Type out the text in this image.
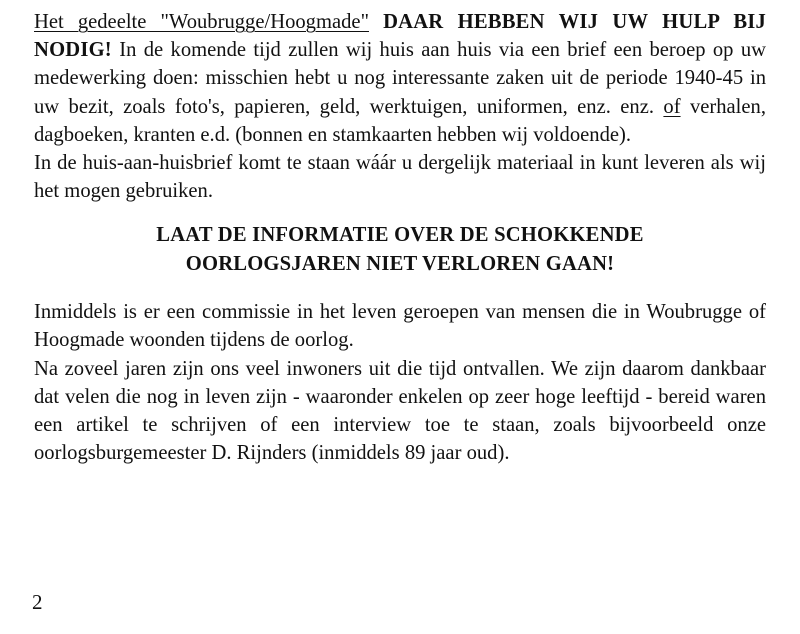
Het gedeelte "Woubrugge/Hoogmade" DAAR HEBBEN WIJ UW HULP BIJ NODIG! In de komende tijd zullen wij huis aan huis via een brief een beroep op uw medewerking doen: misschien hebt u nog interessante zaken uit de periode 1940-45 in uw bezit, zoals foto's, papieren, geld, werktuigen, uniformen, enz. enz. of verhalen, dagboeken, kranten e.d. (bonnen en stamkaarten hebben wij voldoende).

In de huis-aan-huisbrief komt te staan wáár u dergelijk materiaal in kunt leveren als wij het mogen gebruiken.

LAAT DE INFORMATIE OVER DE SCHOKKENDE
OORLOGSJAREN NIET VERLOREN GAAN!

Inmiddels is er een commissie in het leven geroepen van mensen die in Woubrugge of Hoogmade woonden tijdens de oorlog.

Na zoveel jaren zijn ons veel inwoners uit die tijd ontvallen. We zijn daarom dankbaar dat velen die nog in leven zijn - waaronder enkelen op zeer hoge leeftijd - bereid waren een artikel te schrijven of een interview toe te staan, zoals bijvoorbeeld onze oorlogsburgemeester D. Rijnders (inmiddels 89 jaar oud).

2
